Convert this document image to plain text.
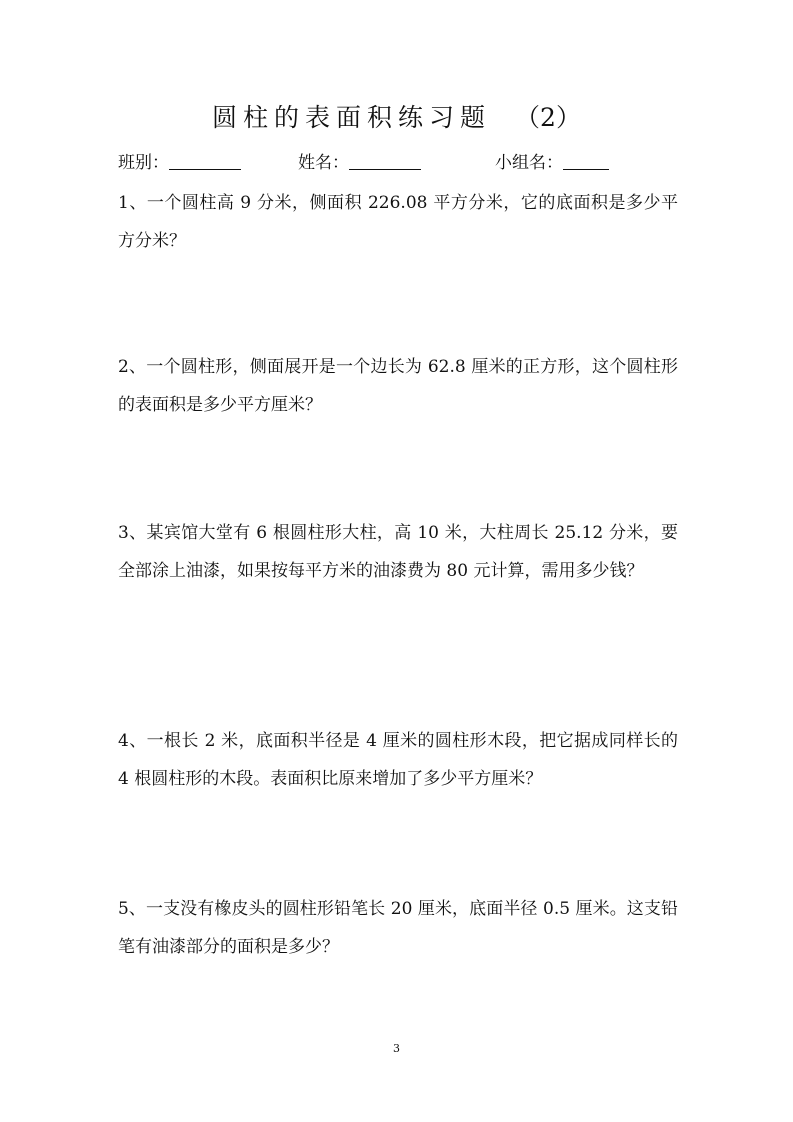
圆柱的表面积练习题 （2）
班别：	姓名：	小组名：
1、一个圆柱高 9 分米，侧面积 226.08 平方分米，它的底面积是多少平方分米？
2、一个圆柱形，侧面展开是一个边长为 62.8 厘米的正方形，这个圆柱形的表面积是多少平方厘米？
3、某宾馆大堂有 6 根圆柱形大柱，高 10 米，大柱周长 25.12 分米，要全部涂上油漆，如果按每平方米的油漆费为 80 元计算，需用多少钱？
4、一根长 2 米，底面积半径是 4 厘米的圆柱形木段，把它据成同样长的 4 根圆柱形的木段。表面积比原来增加了多少平方厘米？
5、一支没有橡皮头的圆柱形铅笔长 20 厘米，底面半径 0.5 厘米。这支铅笔有油漆部分的面积是多少？
3
